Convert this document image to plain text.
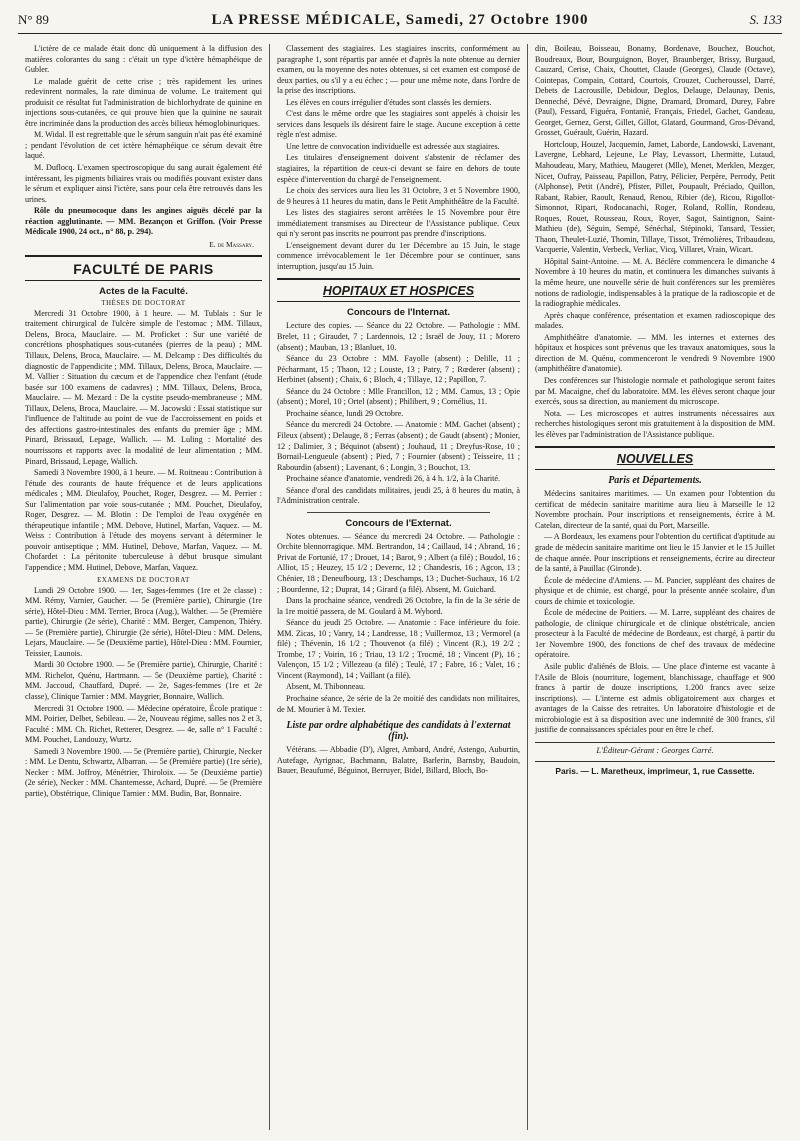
N° 89	LA PRESSE MÉDICALE, Samedi, 27 Octobre 1900	S. 133

L'ictère de ce malade était donc dû uniquement à la diffusion des matières colorantes du sang : c'était un type d'ictère hémaphéique de Gubler.

Le malade guérit de cette crise ; très rapidement les urines redevinrent normales, la rate diminua de volume. Le traitement qui produisit ce résultat fut l'administration de bichlorhydrate de quinine en injections sous-cutanées, ce qui prouve bien que la quinine ne saurait être incriminée dans la production des accès bilieux hémoglobinuriques.

M. Widal. Il est regrettable que le sérum sanguin n'ait pas été examiné ; pendant l'évolution de cet ictère hémaphéique ce sérum devait être laqué.

M. Duflocq. L'examen spectroscopique du sang aurait également été intéressant, les pigments biliaires vrais ou modifiés pouvant exister dans le sérum et expliquer ainsi l'ictère, sans pour cela être retrouvés dans les urines.

Rôle du pneumocoque dans les angines aiguës décelé par la réaction agglutinante. — MM. Bezançon et Griffon. (Voir Presse Médicale 1900, 24 oct., n° 88, p. 294).

E. de Massary.
FACULTÉ DE PARIS
Actes de la Faculté.
THÈSES DE DOCTORAT

Mercredi 31 Octobre 1900, à 1 heure. — M. Tublais : Sur le traitement chirurgical de l'ulcère simple de l'estomac ; MM. Tillaux, Delens, Broca, Mauclaire. — M. Proficket : Sur une variété de concrétions phosphatiques sous-cutanées (pierres de la peau) ; MM. Tillaux, Delens, Broca, Mauclaire. — M. Delcamp : Des difficultés du diagnostic de l'appendicite ; MM. Tillaux, Delens, Broca, Mauclaire. — M. Vallier : Situation du cæcum et de l'appendice chez l'enfant (étude basée sur 100 examens de cadavres) ; MM. Tillaux, Delens, Broca, Mauclaire. — M. Mezard : De la cystite pseudo-membraneuse ; MM. Tillaux, Delens, Broca, Mauclaire. — M. Jacowski : Essai statistique sur l'influence de l'altitude au point de vue de l'accroissement en poids et des affections gastro-intestinales des enfants du premier âge ; MM. Pinard, Brissaud, Lepage, Wallich. — M. Luling : Mortalité des nourrissons et rapports avec la modalité de leur alimentation ; MM. Pinard, Brissaud, Lepage, Wallich.

Samedi 3 Novembre 1900, à 1 heure. — M. Roitneau : Contribution à l'étude des courants de haute fréquence et de leurs applications médicales ; MM. Dieulafoy, Pouchet, Roger, Desgrez. — M. Perrier : Sur l'alimentation par voie sous-cutanée ; MM. Pouchet, Dieulafoy, Roger, Desgrez. — M. Blotin : De l'emploi de l'eau oxygénée en thérapeutique infantile ; MM. Debove, Hutinel, Marfan, Vaquez. — M. Weiss : Contribution à l'étude des moyens servant à déterminer le pouvoir antiseptique ; MM. Hutinel, Debove, Marfan, Vaquez. — M. Chofardet : La péritonite tuberculeuse à début brusque simulant l'appendice ; MM. Hutinel, Debove, Marfan, Vaquez.

EXAMENS DE DOCTORAT

Lundi 29 Octobre 1900. — 1er, Sages-femmes (1re et 2e classe) : MM. Rémy, Varnier, Gaucher. — 5e (Première partie), Chirurgie (1re série), Hôtel-Dieu : MM. Terrier, Broca (Aug.), Walther. — 5e (Première partie), Chirurgie (2e série), Charité : MM. Berger, Campenon, Thiéry. — 5e (Première partie), Chirurgie (2e série), Hôtel-Dieu : MM. Delens, Lejars, Mauclaire. — 5e (Deuxième partie), Hôtel-Dieu : MM. Fournier, Teissier, Launois.

Mardi 30 Octobre 1900. — 5e (Première partie), Chirurgie, Charité : MM. Richelot, Quénu, Hartmann. — 5e (Deuxième partie), Charité : MM. Jaccoud, Chauffard, Dupré. — 2e, Sages-femmes (1re et 2e classe), Clinique Tarnier : MM. Maygrier, Bonnaire, Wallich.

Mercredi 31 Octobre 1900. — Médecine opératoire, École pratique : MM. Poirier, Delbet, Sebileau. — 2e, Nouveau régime, salles nos 2 et 3, Faculté : MM. Ch. Richet, Retterer, Desgrez. — 4e, salle n° 1 Faculté : MM. Pouchet, Landouzy, Wurtz.

Samedi 3 Novembre 1900. — 5e (Première partie), Chirurgie, Necker : MM. Le Dentu, Schwartz, Albarran. — 5e (Première partie) (1re série), Necker : MM. Joffroy, Ménétrier, Thiroloix. — 5e (Deuxième partie) (2e série), Necker : MM. Chantemesse, Achard, Dupré. — 5e (Première partie), Obstétrique, Clinique Tarnier : MM. Budin, Bar, Bonnaire.

Classement des stagiaires. Les stagiaires inscrits, conformément au paragraphe 1, sont répartis par année et d'après la note obtenue au dernier examen, ou la moyenne des notes obtenues, si cet examen est composé de deux parties, ou s'il y a eu échec ; — pour une même note, dans l'ordre de la prise des inscriptions.

Les élèves en cours irrégulier d'études sont classés les derniers.

C'est dans le même ordre que les stagiaires sont appelés à choisir les services dans lesquels ils désirent faire le stage. Aucune exception à cette règle n'est admise.

Une lettre de convocation individuelle est adressée aux stagiaires.

Les titulaires d'enseignement doivent s'abstenir de réclamer des stagiaires, la répartition de ceux-ci devant se faire en dehors de toute espèce d'intervention du chargé de l'enseignement.

Le choix des services aura lieu les 31 Octobre, 3 et 5 Novembre 1900, de 9 heures à 11 heures du matin, dans le Petit Amphithéâtre de la Faculté.

Les listes des stagiaires seront arrêtées le 15 Novembre pour être immédiatement transmises au Directeur de l'Assistance publique. Ceux qui n'y seront pas inscrits ne pourront pas prendre d'inscriptions.

L'enseignement devant durer du 1er Décembre au 15 Juin, le stage commence irrévocablement le 1er Décembre pour se continuer, sans interruption, jusqu'au 15 Juin.

HOPITAUX ET HOSPICES
Concours de l'Internat.

Lecture des copies. — Séance du 22 Octobre. — Pathologie : MM. Brelet, 11 ; Giraudet, 7 ; Lardennois, 12 ; Israël de Jouy, 11 ; Morero (absent) ; Mauban, 13 ; Blanluet, 10.

Séance du 23 Octobre : MM. Fayolle (absent) ; Delille, 11 ; Pécharmant, 15 ; Thaon, 12 ; Louste, 13 ; Patry, 7 ; Rœderer (absent) ; Herbinet (absent) ; Chaix, 6 ; Bloch, 4 ; Tillaye, 12 ; Papillon, 7.

Séance du 24 Octobre : Mlle Francillon, 12 ; MM. Camus, 13 ; Opie (absent) ; Morel, 10 ; Ortel (absent) ; Philibert, 9 ; Cornélius, 11.

Prochaine séance, lundi 29 Octobre.

Séance du mercredi 24 Octobre. — Anatomie : MM. Gachet (absent) ; Fileux (absent) ; Delauge, 8 ; Ferras (absent) ; de Gaudt (absent) ; Monier, 12 ; Dalimier, 3 ; Béquinot (absent) ; Jouhaud, 11 ; Dreyfus-Rose, 10 ; Bornail-Lengueule (absent) ; Pied, 7 ; Fournier (absent) ; Teisseire, 11 ; Rabourdin (absent) ; Lavenant, 6 ; Longin, 3 ; Bouchot, 13.

Prochaine séance d'anatomie, vendredi 26, à 4 h. 1/2, à la Charité.

Séance d'oral des candidats militaires, jeudi 25, à 8 heures du matin, à l'Administration centrale.

Concours de l'Externat.

Notes obtenues. — Séance du mercredi 24 Octobre. — Pathologie : Orchite blennorragique. MM. Bertrandon, 14 ; Caillaud, 14 ; Abrand, 16 ; Privat de Fortunié, 17 ; Drouet, 14 ; Barot, 9 ; Albert (a filé) ; Boudol, 16 ; Alliot, 15 ; Heuzey, 15 1/2 ; Devernc, 12 ; Chandesris, 16 ; Agcon, 13 ; Chénier, 18 ; Deneufbourg, 13 ; Deschamps, 13 ; Duchet-Suchaux, 16 1/2 ; Bourdenne, 12 ; Duprat, 14 ; Girard (a filé). Absent, M. Guichard.

Dans la prochaine séance, vendredi 26 Octobre, la fin de la 3e série de la 1re moitié passera, de M. Goulard à M. Wybord.

Séance du jeudi 25 Octobre. — Anatomie : Face inférieure du foie. MM. Zicas, 10 ; Vanry, 14 ; Landresse, 18 ; Vuillermoz, 13 ; Vermorel (a filé) ; Thévenin, 16 1/2 ; Thouvenot (a filé) ; Vincent (R.), 19 2/2 ; Trombe, 17 ; Voirin, 16 ; Triau, 13 1/2 ; Trocmé, 18 ; Vincent (P), 16 ; Valençon, 15 1/2 ; Villezeau (a filé) ; Teulé, 17 ; Fabre, 16 ; Valet, 16 ; Vincent (Raymond), 14 ; Vaillant (a filé).

Absent, M. Thibonneau.

Prochaine séance, 2e série de la 2e moitié des candidats non militaires, de M. Mourier à M. Texier.

Liste par ordre alphabétique des candidats à l'externat (fin).

Vétérans. — Abbadie (D'), Algret, Ambard, André, Astengo, Auburtin, Autefage, Ayrignac, Bachmann, Balatre, Barlerin, Barnsby, Baudoin, Bauer, Beaufumé, Béguinot, Berruyer, Bidel, Billard, Bloch, Bo-

din, Boileau, Boisseau, Bonamy, Bordenave, Bouchez, Bouchot, Boudreaux, Bour, Bourguignon, Boyer, Braunberger, Brissy, Burgaud, Cauzard, Cerise, Chaix, Chouttet, Claude (Georges), Claude (Octave), Cointepas, Compain, Cottard, Courtois, Crouzet, Cucheroussel, Darré, Debets de Lacrousille, Debidour, Deglos, Delauge, Delaunay, Denis, Denneché, Dévé, Devraigne, Digne, Dramard, Dromard, Durey, Fabre (Paul), Fessard, Figuéra, Fontanié, Français, Friedel, Gachet, Gandeau, Georget, Gernez, Gerst, Gillet, Gillot, Glatard, Gourmand, Gros-Dévand, Grosset, Guérault, Guérin, Hazard.

Hortcloup, Houzel, Jacquemin, Jamet, Laborde, Landowski, Lavenant, Lavergne, Lebhard, Lejeune, Le Play, Levassort, Lhermitte, Lutaud, Mahoudeau, Mary, Mathieu, Maugeret (Mlle), Menet, Merklen, Mezger, Nicet, Oufray, Paisseau, Papillon, Patry, Pélicier, Perpère, Perrody, Petit (Alphonse), Petit (André), Pfister, Pillet, Poupault, Préciado, Quillon, Rabant, Rabier, Raoult, Renaud, Renou, Ribier (de), Ricou, Rigollot-Simonnot, Ripart, Rodocanachi, Roger, Roland, Rollin, Rondeau, Roques, Rouet, Rousseau, Roux, Royer, Sagot, Saintignon, Saint-Mathieu (de), Séguin, Sempé, Sénéchal, Stépinoki, Tansard, Tessier, Thaon, Theulet-Luzié, Thomin, Tillaye, Tissot, Trémolières, Tribaudeau, Vacquerie, Valentin, Verbeck, Verliac, Vicq, Villaret, Vrain, Wicart.

Hôpital Saint-Antoine. — M. A. Béclère commencera le dimanche 4 Novembre à 10 heures du matin, et continuera les dimanches suivants à la même heure, une nouvelle série de huit conférences sur les premières notions de radiologie, indispensables à la pratique de la radioscopie et de la radiographie médicales.

Après chaque conférence, présentation et examen radioscopique des malades.

Amphithéâtre d'anatomie. — MM. les internes et externes des hôpitaux et hospices sont prévenus que les travaux anatomiques, sous la direction de M. Quénu, commenceront le vendredi 9 Novembre 1900 (amphithéâtre d'anatomie).

Des conférences sur l'histologie normale et pathologique seront faites par M. Macaigne, chef du laboratoire. MM. les élèves seront chaque jour exercés, sous sa direction, au maniement du microscope.

Nota. — Les microscopes et autres instruments nécessaires aux recherches histologiques seront mis gratuitement à la disposition de MM. les élèves par l'administration de l'Assistance publique.

NOUVELLES
Paris et Départements.

Médecins sanitaires maritimes. — Un examen pour l'obtention du certificat de médecin sanitaire maritime aura lieu à Marseille le 12 Novembre prochain. Pour inscriptions et renseignements, écrire à M. Catelan, directeur de la santé, quai du Port, Marseille.

— A Bordeaux, les examens pour l'obtention du certificat d'aptitude au grade de médecin sanitaire maritime ont lieu le 15 Janvier et le 15 Juillet de chaque année. Pour inscriptions et renseignements, écrire au directeur de la santé, à Pauillac (Gironde).

École de médecine d'Amiens. — M. Pancier, suppléant des chaires de physique et de chimie, est chargé, pour la présente année scolaire, d'un cours de chimie et toxicologie.

École de médecine de Poitiers. — M. Larre, suppléant des chaires de pathologie, de clinique chirurgicale et de clinique obstétricale, ancien prosecteur à la Faculté de médecine de Bordeaux, est chargé, à partir du 1er Novembre 1900, des fonctions de chef des travaux de médecine opératoire.

Asile public d'aliénés de Blois. — Une place d'interne est vacante à l'Asile de Blois (nourriture, logement, blanchissage, chauffage et 900 francs à partir de douze inscriptions, 1.200 francs avec seize inscriptions). — L'interne est admis obligatoirement aux charges et avantages de la Caisse des retraites. Un laboratoire d'histologie et de microbiologie est à sa disposition avec une indemnité de 300 francs, s'il justifie de connaissances spéciales pour en être le chef.

L'Éditeur-Gérant : Georges Carré.
Paris. — L. Maretheux, imprimeur, 1, rue Cassette.
